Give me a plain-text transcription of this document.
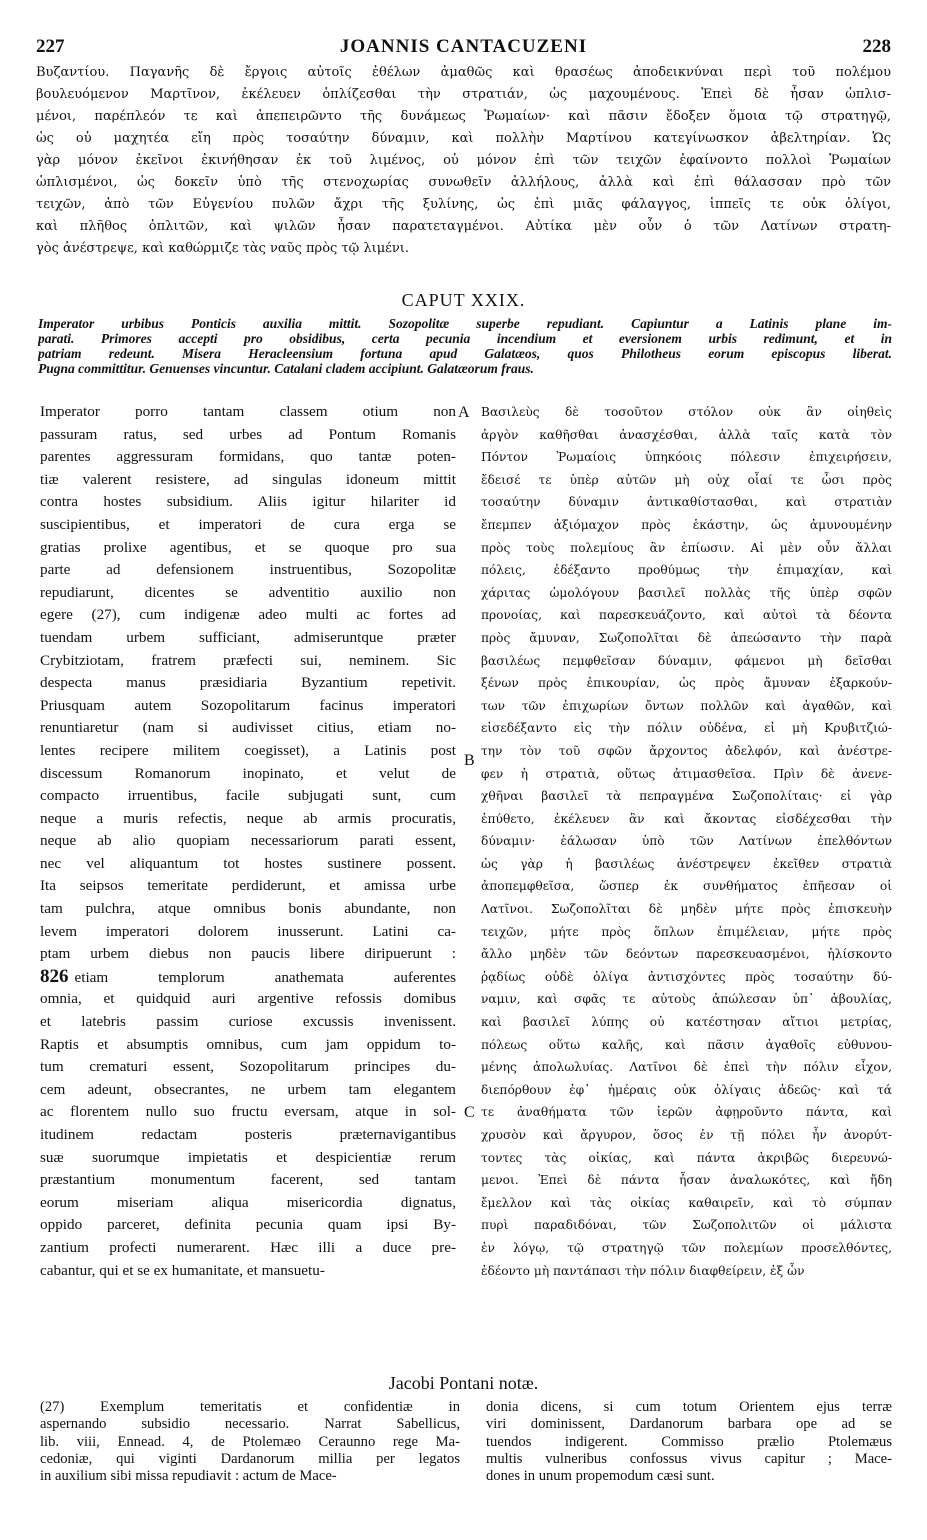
227	JOANNIS CANTACUZENI	228
Βυζαντίου. Παγανῆς δὲ ἔργοις αὐτοῖς ἐθέλων ἀμαθῶς καὶ θρασέως ἀποδεικνύναι περὶ τοῦ πολέμου
βουλευόμενον Μαρτῖνον, ἐκέλευεν ὁπλίζεσθαι τὴν στρατιάν, ὡς μαχουμένους. Ἐπεὶ δὲ ἦσαν ὡπλισ-
μένοι, παρέπλεόν τε καὶ ἀπεπειρῶντο τῆς δυνάμεως Ῥωμαίων· καὶ πᾶσιν ἔδοξεν ὅμοια τῷ στρατηγῷ,
ὡς οὐ μαχητέα εἴη πρὸς τοσαύτην δύναμιν, καὶ πολλὴν Μαρτίνου κατεγίνωσκον ἀβελτηρίαν. Ὡς
γὰρ μόνον ἐκεῖνοι ἐκινήθησαν ἐκ τοῦ λιμένος, οὐ μόνον ἐπὶ τῶν τειχῶν ἐφαίνοντο πολλοὶ Ῥωμαίων
ὡπλισμένοι, ὡς δοκεῖν ὑπὸ τῆς στενοχωρίας συνωθεῖν ἀλλήλους, ἀλλὰ καὶ ἐπὶ θάλασσαν πρὸ τῶν
τειχῶν, ἀπὸ τῶν Εὐγενίου πυλῶν ἄχρι τῆς ξυλίνης, ὡς ἐπὶ μιᾶς φάλαγγος, ἱππεῖς τε οὐκ ὀλίγοι,
καὶ πλῆθος ὁπλιτῶν, καὶ ψιλῶν ἦσαν παρατεταγμένοι. Αὐτίκα μὲν οὖν ὁ τῶν Λατίνων στρατη-
γὸς ἀνέστρεψε, καὶ καθώρμιζε τὰς ναῦς πρὸς τῷ λιμένι.
CAPUT XXIX.
Imperator urbibus Ponticis auxilia mittit. Sozopolitæ superbe repudiant. Capiuntur a Latinis plane im-
parati. Primores accepti pro obsidibus, certa pecunia incendium et eversionem urbis redimunt, et in
patriam redeunt. Misera Heracleensium fortuna apud Galatæos, quos Philotheus eorum episcopus liberat.
Pugna committitur. Genuenses vincuntur. Catalani cladem accipiunt. Galatæorum fraus.
Imperator porro tantam classem otium non
passuram ratus, sed urbes ad Pontum Romanis
parentes aggressuram formidans, quo tantæ poten-
tiæ valerent resistere, ad singulas idoneum mittit
contra hostes subsidium. Aliis igitur hilariter id
suscipientibus, et imperatori de cura erga se
gratias prolixe agentibus, et se quoque pro sua
parte ad defensionem instruentibus, Sozopolitæ
repudiarunt, dicentes se adventitio auxilio non
egere (27), cum indigenæ adeo multi ac fortes ad
tuendam urbem sufficiant, admiseruntque præter
Crybitziotam, fratrem præfecti sui, neminem. Sic
despecta manus præsidiaria Byzantium repetivit.
Priusquam autem Sozopolitarum facinus imperatori
renuntiaretur (nam si audivisset citius, etiam no-
lentes recipere militem coegisset), a Latinis post
discessum Romanorum inopinato, et velut de
compacto irruentibus, facile subjugati sunt, cum
neque a muris refectis, neque ab armis procuratis,
neque ab alio quopiam necessariorum parati essent,
nec vel aliquantum tot hostes sustinere possent.
Ita seipsos temeritate perdiderunt, et amissa urbe
tam pulchra, atque omnibus bonis abundante, non
levem imperatori dolorem inusserunt. Latini ca-
ptam urbem diebus non paucis libere diripuerunt :
826 etiam templorum anathemata auferentes
omnia, et quidquid auri argentive refossis domibus
et latebris passim curiose excussis invenissent.
Raptis et absumptis omnibus, cum jam oppidum to-
tum crematuri essent, Sozopolitarum principes du-
cem adeunt, obsecrantes, ne urbem tam elegantem
ac florentem nullo suo fructu eversam, atque in sol-
itudinem redactam posteris præternavigantibus
suæ suorumque impietatis et despicientiæ rerum
præstantium monumentum facerent, sed tantam
eorum miseriam aliqua misericordia dignatus,
oppido parceret, definita pecunia quam ipsi By-
zantium profecti numerarent. Hæc illi a duce pre-
cabantur, qui et se ex humanitate, et mansuetu-
Βασιλεὺς δὲ τοσοῦτον στόλον οὐκ ἂν οἰηθεὶς
ἀργὸν καθῆσθαι ἀνασχέσθαι, ἀλλὰ ταῖς κατὰ τὸν
Πόντον Ῥωμαίοις ὑπηκόοις πόλεσιν ἐπιχειρήσειν,
ἔδεισέ τε ὑπὲρ αὐτῶν μὴ οὐχ οἷαί τε ὦσι πρὸς
τοσαύτην δύναμιν ἀντικαθίστασθαι, καὶ στρατιὰν
ἔπεμπεν ἀξιόμαχον πρὸς ἑκάστην, ὡς ἀμυνουμένην
πρὸς τοὺς πολεμίους ἂν ἐπίωσιν. Αἱ μὲν οὖν ἄλλαι
πόλεις, ἐδέξαντο προθύμως τὴν ἐπιμαχίαν, καὶ
χάριτας ὡμολόγουν βασιλεῖ πολλὰς τῆς ὑπὲρ σφῶν
προνοίας, καὶ παρεσκευάζοντο, καὶ αὐτοὶ τὰ δέοντα
πρὸς ἄμυναν, Σωζοπολῖται δὲ ἀπεώσαντο τὴν παρὰ
βασιλέως πεμφθεῖσαν δύναμιν, φάμενοι μὴ δεῖσθαι
ξένων πρὸς ἐπικουρίαν, ὡς πρὸς ἄμυναν ἐξαρκούν-
των τῶν ἐπιχωρίων ὄντων πολλῶν καὶ ἀγαθῶν, καὶ
εἰσεδέξαντο εἰς τὴν πόλιν οὐδένα, εἰ μὴ Κρυβιτζιώ-
την τὸν τοῦ σφῶν ἄρχοντος ἀδελφόν, καὶ ἀνέστρε-
φεν ἡ στρατιὰ, οὕτως ἀτιμασθεῖσα. Πρὶν δὲ ἀνενε-
χθῆναι βασιλεῖ τὰ πεπραγμένα Σωζοπολίταις· εἰ γὰρ
ἐπύθετο, ἐκέλευεν ἂν καὶ ἄκοντας εἰσδέχεσθαι τὴν
δύναμιν· ἑάλωσαν ὑπὸ τῶν Λατίνων ἐπελθόντων
ὡς γὰρ ἡ βασιλέως ἀνέστρεψεν ἐκεῖθεν στρατιὰ
ἀποπεμφθεῖσα, ὥσπερ ἐκ συνθήματος ἐπῆεσαν οἱ
Λατῖνοι. Σωζοπολῖται δὲ μηδὲν μήτε πρὸς ἐπισκευὴν
τειχῶν, μήτε πρὸς ὅπλων ἐπιμέλειαν, μήτε πρὸς
ἄλλο μηδὲν τῶν δεόντων παρεσκευασμένοι, ἡλίσκοντο
ῥᾳδίως οὐδὲ ὀλίγα ἀντισχόντες πρὸς τοσαύτην δύ-
ναμιν, καὶ σφᾶς τε αὐτοὺς ἀπώλεσαν ὑπ᾽ ἀβουλίας,
καὶ βασιλεῖ λύπης οὐ κατέστησαν αἴτιοι μετρίας,
πόλεως οὕτω καλῆς, καὶ πᾶσιν ἀγαθοῖς εὐθυνου-
μένης ἀπολωλυίας. Λατῖνοι δὲ ἐπεὶ τὴν πόλιν εἶχον,
διεπόρθουν ἐφ᾽ ἡμέραις οὐκ ὀλίγαις ἀδεῶς· καὶ τά
τε ἀναθήματα τῶν ἱερῶν ἀφῃροῦντο πάντα, καὶ
χρυσὸν καὶ ἄργυρον, ὅσος ἐν τῇ πόλει ἦν ἀνορύτ-
τοντες τὰς οἰκίας, καὶ πάντα ἀκριβῶς διερευνώ-
μενοι. Ἐπεὶ δὲ πάντα ἦσαν ἀναλωκότες, καὶ ἤδη
ἔμελλον καὶ τὰς οἰκίας καθαιρεῖν, καὶ τὸ σύμπαν
πυρὶ παραδιδόναι, τῶν Σωζοπολιτῶν οἱ μάλιστα
ἐν λόγῳ, τῷ στρατηγῷ τῶν πολεμίων προσελθόντες,
ἐδέοντο μὴ παντάπασι τὴν πόλιν διαφθείρειν, ἐξ ὧν
A
B
C
Jacobi Pontani notæ.
(27) Exemplum temeritatis et confidentiæ in
aspernando subsidio necessario. Narrat Sabellicus,
lib. viii, Ennead. 4, de Ptolemæo Ceraunno rege Ma-
cedoniæ, qui viginti Dardanorum millia per legatos
in auxilium sibi missa repudiavit : actum de Mace-
donia dicens, si cum totum Orientem ejus terræ
viri dominissent, Dardanorum barbara ope ad se
tuendos indigerent. Commisso prælio Ptolemæus
multis vulneribus confossus vivus capitur ; Mace-
dones in unum propemodum cæsi sunt.
